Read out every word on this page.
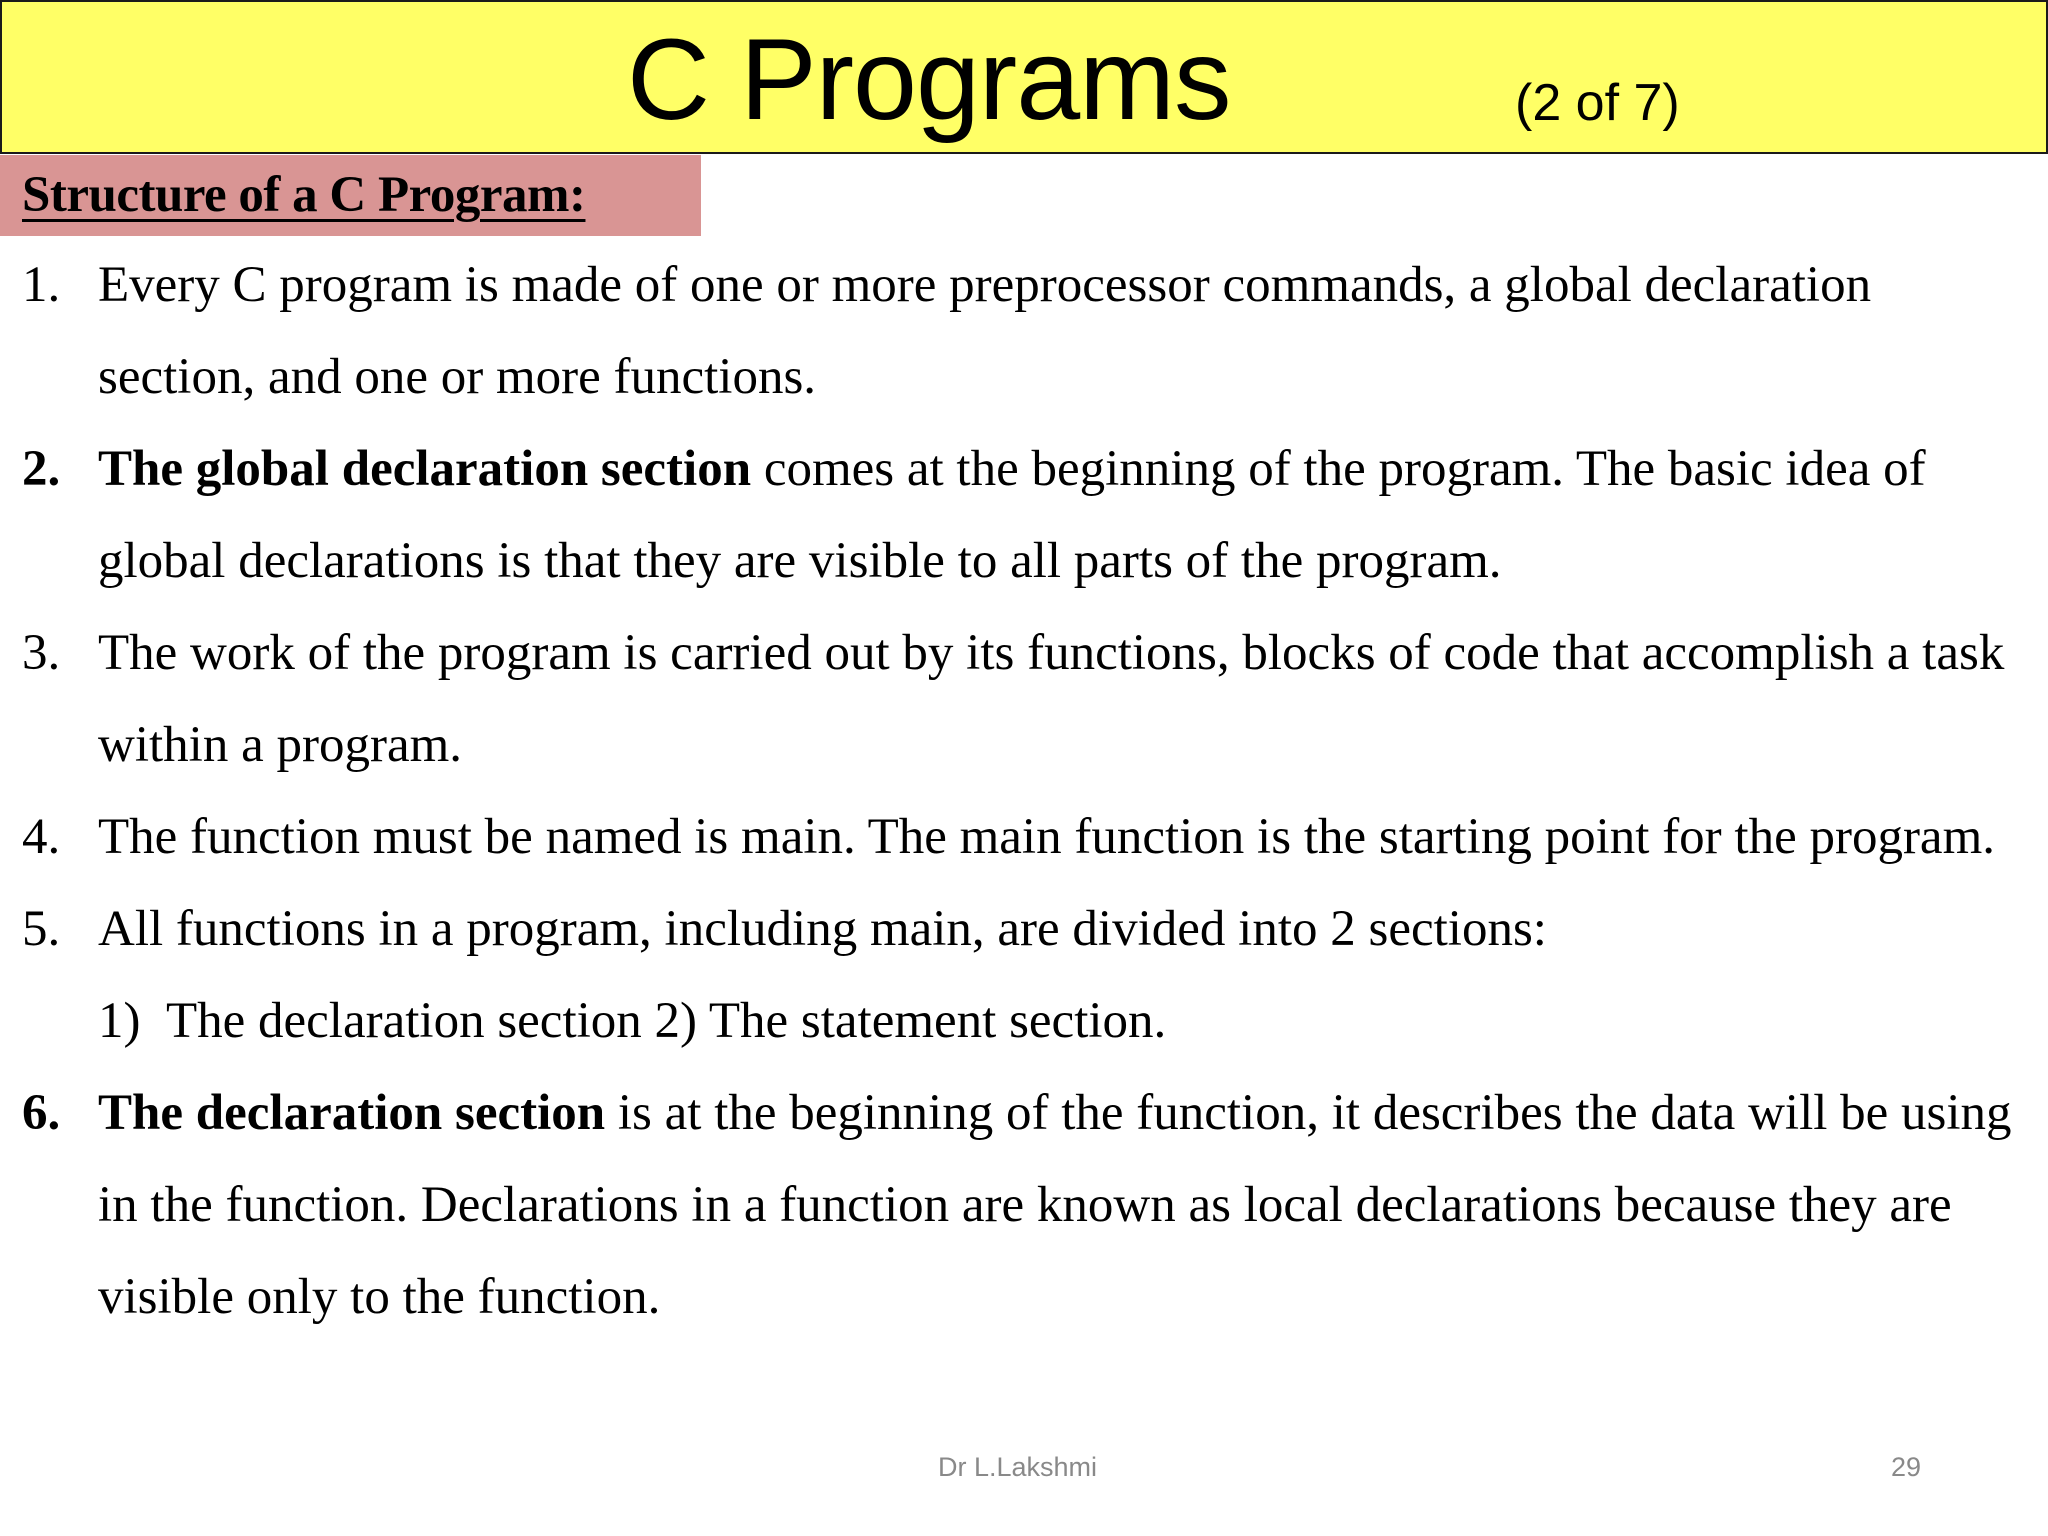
C Programs	(2 of 7)
Structure of a C Program:
1. Every C program is made of one or more preprocessor commands, a global declaration
section, and one or more functions.
2. The global declaration section comes at the beginning of the program. The basic idea of
global declarations is that they are visible to all parts of the program.
3. The work of the program is carried out by its functions, blocks of code that accomplish a task
within a program.
4. The function must be named is main. The main function is the starting point for the program.
5. All functions in a program, including main, are divided into 2 sections:
1) The declaration section 2) The statement section.
6. The declaration section is at the beginning of the function, it describes the data will be using
in the function. Declarations in a function are known as local declarations because they are
visible only to the function.
Dr L.Lakshmi	29
